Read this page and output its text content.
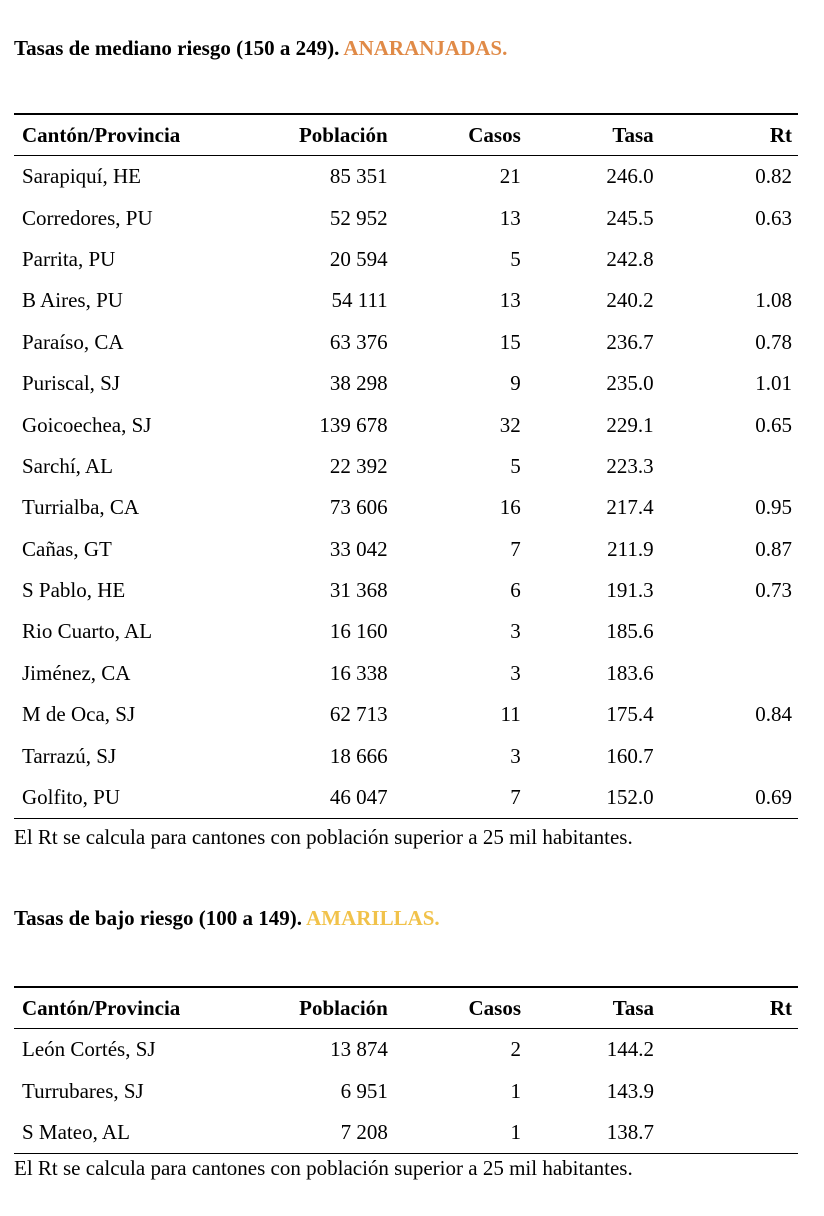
Tasas de mediano riesgo (150 a 249). ANARANJADAS.
Cantón/Provincia	Población	Casos	Tasa	Rt
Sarapiquí, HE	85 351	21	246.0	0.82
Corredores, PU	52 952	13	245.5	0.63
Parrita, PU	20 594	5	242.8	
B Aires, PU	54 111	13	240.2	1.08
Paraíso, CA	63 376	15	236.7	0.78
Puriscal, SJ	38 298	9	235.0	1.01
Goicoechea, SJ	139 678	32	229.1	0.65
Sarchí, AL	22 392	5	223.3	
Turrialba, CA	73 606	16	217.4	0.95
Cañas, GT	33 042	7	211.9	0.87
S Pablo, HE	31 368	6	191.3	0.73
Rio Cuarto, AL	16 160	3	185.6	
Jiménez, CA	16 338	3	183.6	
M de Oca, SJ	62 713	11	175.4	0.84
Tarrazú, SJ	18 666	3	160.7	
Golfito, PU	46 047	7	152.0	0.69

El Rt se calcula para cantones con población superior a 25 mil habitantes.

Tasas de bajo riesgo (100 a 149). AMARILLAS.
Cantón/Provincia	Población	Casos	Tasa	Rt
León Cortés, SJ	13 874	2	144.2	
Turrubares, SJ	6 951	1	143.9	
S Mateo, AL	7 208	1	138.7	

El Rt se calcula para cantones con población superior a 25 mil habitantes.
